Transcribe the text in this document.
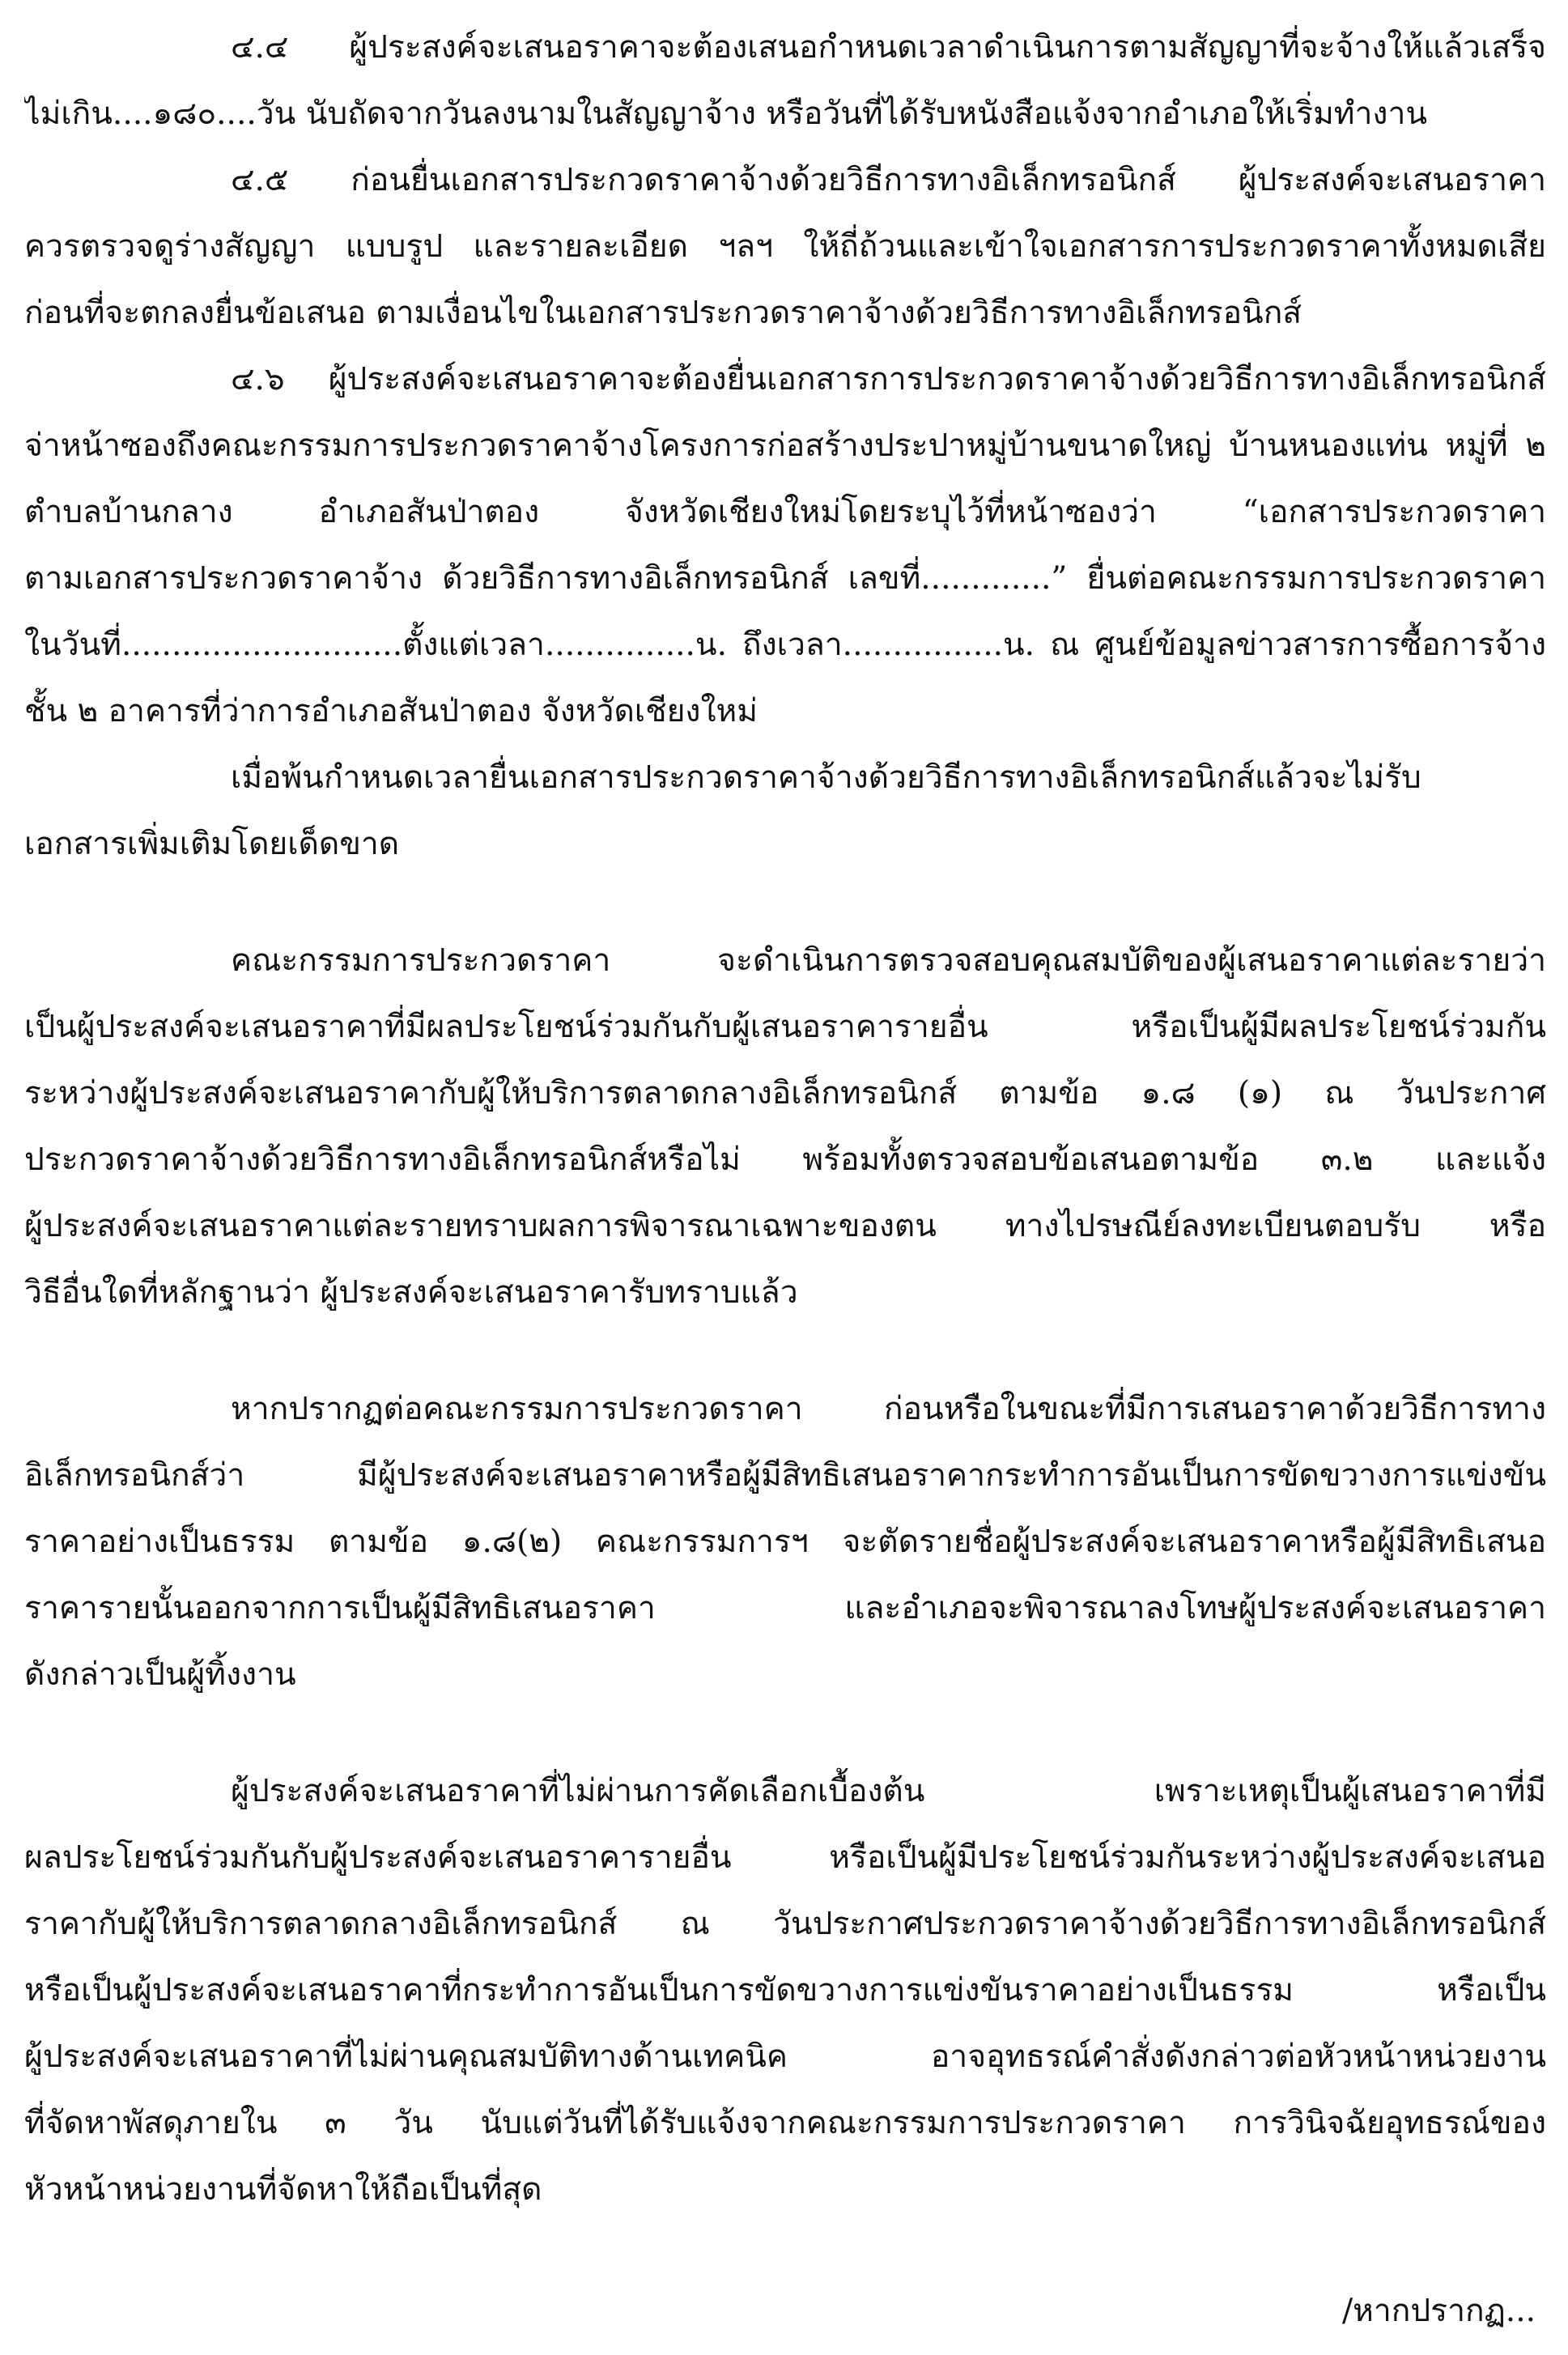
๔.๔ ผู้ประสงค์จะเสนอราคาจะต้องเสนอกำหนดเวลาดำเนินการตามสัญญาที่จะจ้างให้แล้วเสร็จ
ไม่เกิน....๑๘๐....วัน นับถัดจากวันลงนามในสัญญาจ้าง หรือวันที่ได้รับหนังสือแจ้งจากอำเภอให้เริ่มทำงาน
๔.๕ ก่อนยื่นเอกสารประกวดราคาจ้างด้วยวิธีการทางอิเล็กทรอนิกส์ ผู้ประสงค์จะเสนอราคา
ควรตรวจดูร่างสัญญา แบบรูป และรายละเอียด ฯลฯ ให้ถี่ถ้วนและเข้าใจเอกสารการประกวดราคาทั้งหมดเสีย
ก่อนที่จะตกลงยื่นข้อเสนอ ตามเงื่อนไขในเอกสารประกวดราคาจ้างด้วยวิธีการทางอิเล็กทรอนิกส์
๔.๖ ผู้ประสงค์จะเสนอราคาจะต้องยื่นเอกสารการประกวดราคาจ้างด้วยวิธีการทางอิเล็กทรอนิกส์
จ่าหน้าซองถึงคณะกรรมการประกวดราคาจ้างโครงการก่อสร้างประปาหมู่บ้านขนาดใหญ่ บ้านหนองแท่น หมู่ที่ ๒
ตำบลบ้านกลาง อำเภอสันป่าตอง จังหวัดเชียงใหม่โดยระบุไว้ที่หน้าซองว่า “เอกสารประกวดราคา
ตามเอกสารประกวดราคาจ้าง ด้วยวิธีการทางอิเล็กทรอนิกส์ เลขที่.............” ยื่นต่อคณะกรรมการประกวดราคา
ในวันที่............................ตั้งแต่เวลา...............น. ถึงเวลา................น. ณ ศูนย์ข้อมูลข่าวสารการซื้อการจ้าง
ชั้น ๒ อาคารที่ว่าการอำเภอสันป่าตอง จังหวัดเชียงใหม่
เมื่อพ้นกำหนดเวลายื่นเอกสารประกวดราคาจ้างด้วยวิธีการทางอิเล็กทรอนิกส์แล้วจะไม่รับ
เอกสารเพิ่มเติมโดยเด็ดขาด
คณะกรรมการประกวดราคา จะดำเนินการตรวจสอบคุณสมบัติของผู้เสนอราคาแต่ละรายว่า
เป็นผู้ประสงค์จะเสนอราคาที่มีผลประโยชน์ร่วมกันกับผู้เสนอราคารายอื่น หรือเป็นผู้มีผลประโยชน์ร่วมกัน
ระหว่างผู้ประสงค์จะเสนอราคากับผู้ให้บริการตลาดกลางอิเล็กทรอนิกส์ ตามข้อ ๑.๘ (๑) ณ วันประกาศ
ประกวดราคาจ้างด้วยวิธีการทางอิเล็กทรอนิกส์หรือไม่ พร้อมทั้งตรวจสอบข้อเสนอตามข้อ ๓.๒ และแจ้ง
ผู้ประสงค์จะเสนอราคาแต่ละรายทราบผลการพิจารณาเฉพาะของตน ทางไปรษณีย์ลงทะเบียนตอบรับ หรือ
วิธีอื่นใดที่หลักฐานว่า ผู้ประสงค์จะเสนอราคารับทราบแล้ว
หากปรากฏต่อคณะกรรมการประกวดราคา ก่อนหรือในขณะที่มีการเสนอราคาด้วยวิธีการทาง
อิเล็กทรอนิกส์ว่า มีผู้ประสงค์จะเสนอราคาหรือผู้มีสิทธิเสนอราคากระทำการอันเป็นการขัดขวางการแข่งขัน
ราคาอย่างเป็นธรรม ตามข้อ ๑.๘(๒) คณะกรรมการฯ จะตัดรายชื่อผู้ประสงค์จะเสนอราคาหรือผู้มีสิทธิเสนอ
ราคารายนั้นออกจากการเป็นผู้มีสิทธิเสนอราคา และอำเภอจะพิจารณาลงโทษผู้ประสงค์จะเสนอราคา
ดังกล่าวเป็นผู้ทิ้งงาน
ผู้ประสงค์จะเสนอราคาที่ไม่ผ่านการคัดเลือกเบื้องต้น เพราะเหตุเป็นผู้เสนอราคาที่มี
ผลประโยชน์ร่วมกันกับผู้ประสงค์จะเสนอราคารายอื่น หรือเป็นผู้มีประโยชน์ร่วมกันระหว่างผู้ประสงค์จะเสนอ
ราคากับผู้ให้บริการตลาดกลางอิเล็กทรอนิกส์ ณ วันประกาศประกวดราคาจ้างด้วยวิธีการทางอิเล็กทรอนิกส์
หรือเป็นผู้ประสงค์จะเสนอราคาที่กระทำการอันเป็นการขัดขวางการแข่งขันราคาอย่างเป็นธรรม หรือเป็น
ผู้ประสงค์จะเสนอราคาที่ไม่ผ่านคุณสมบัติทางด้านเทคนิค อาจอุทธรณ์คำสั่งดังกล่าวต่อหัวหน้าหน่วยงาน
ที่จัดหาพัสดุภายใน ๓ วัน นับแต่วันที่ได้รับแจ้งจากคณะกรรมการประกวดราคา การวินิจฉัยอุทธรณ์ของ
หัวหน้าหน่วยงานที่จัดหาให้ถือเป็นที่สุด
/หากปรากฏ...
